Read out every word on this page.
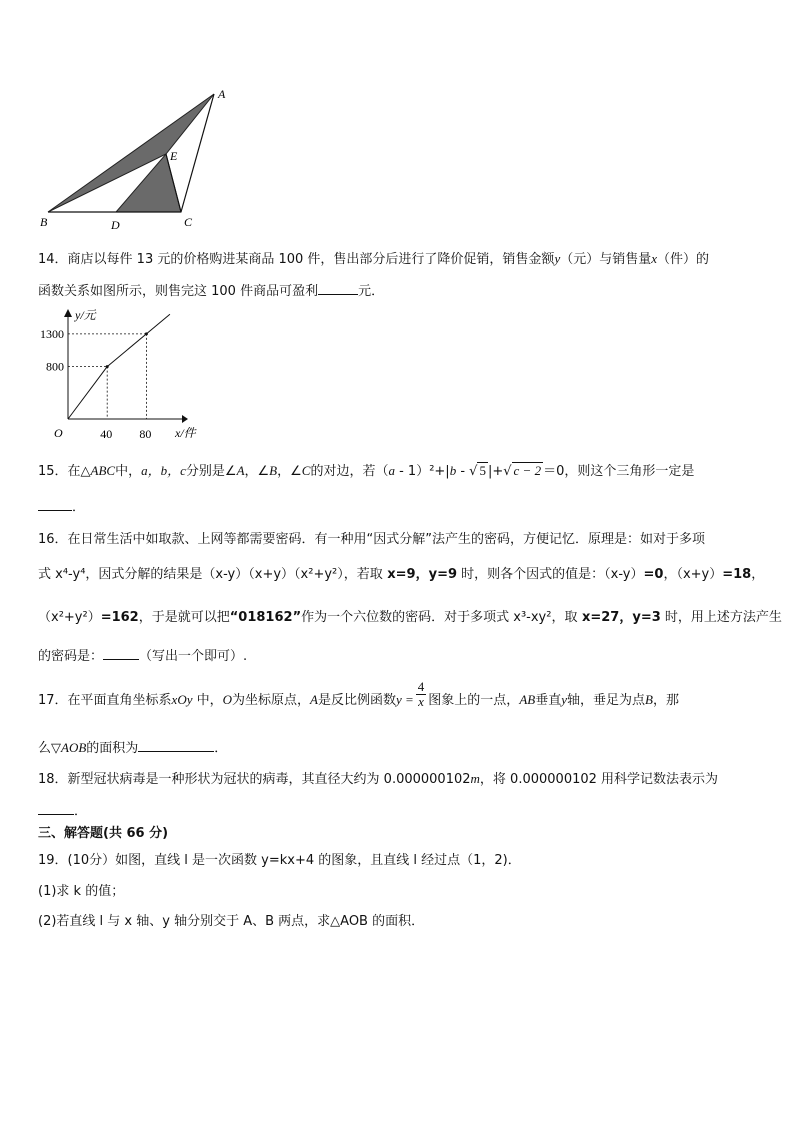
A
E
B	D	C
14．商店以每件 13 元的价格购进某商品 100 件，售出部分后进行了降价促销，销售金额y（元）与销售量x（件）的
函数关系如图所示，则售完这 100 件商品可盈利	元．
y/元
x/件
O	40 80
800
1300
15．在△ABC中，a，b，c分别是∠A，∠B，∠C的对边，若（a - 1）²+|b - √ 5 |+√ c − 2 ＝0，则这个三角形一定是
．
16．在日常生活中如取款、上网等都需要密码．有一种用“因式分解”法产生的密码，方便记忆．原理是：如对于多项
式 x⁴-y⁴，因式分解的结果是（x-y）（x+y）（x²+y²），若取 x=9，y=9 时，则各个因式的值是：（x-y）=0，（x+y）=18，
（x²+y²）=162，于是就可以把“018162”作为一个六位数的密码．对于多项式 x³-xy²，取 x=27，y=3 时，用上述方法产生
的密码是：	（写出一个即可）.
17．在平面直角坐标系xOy 中，O为坐标原点，A是反比例函数$y = \frac{4}{x}$ 图象上的一点，AB垂直y轴，垂足为点B，那
么▽AOB的面积为	．
18．新型冠状病毒是一种形状为冠状的病毒，其直径大约为 0.000000102m，将 0.000000102 用科学记数法表示为
．
三、解答题(共 66 分)
19．(10分）如图，直线 l 是一次函数 y=kx+4 的图象，且直线 l 经过点（1，2)．
(1)求 k 的值；
(2)若直线 l 与 x 轴、y 轴分别交于 A、B 两点，求△AOB 的面积．
